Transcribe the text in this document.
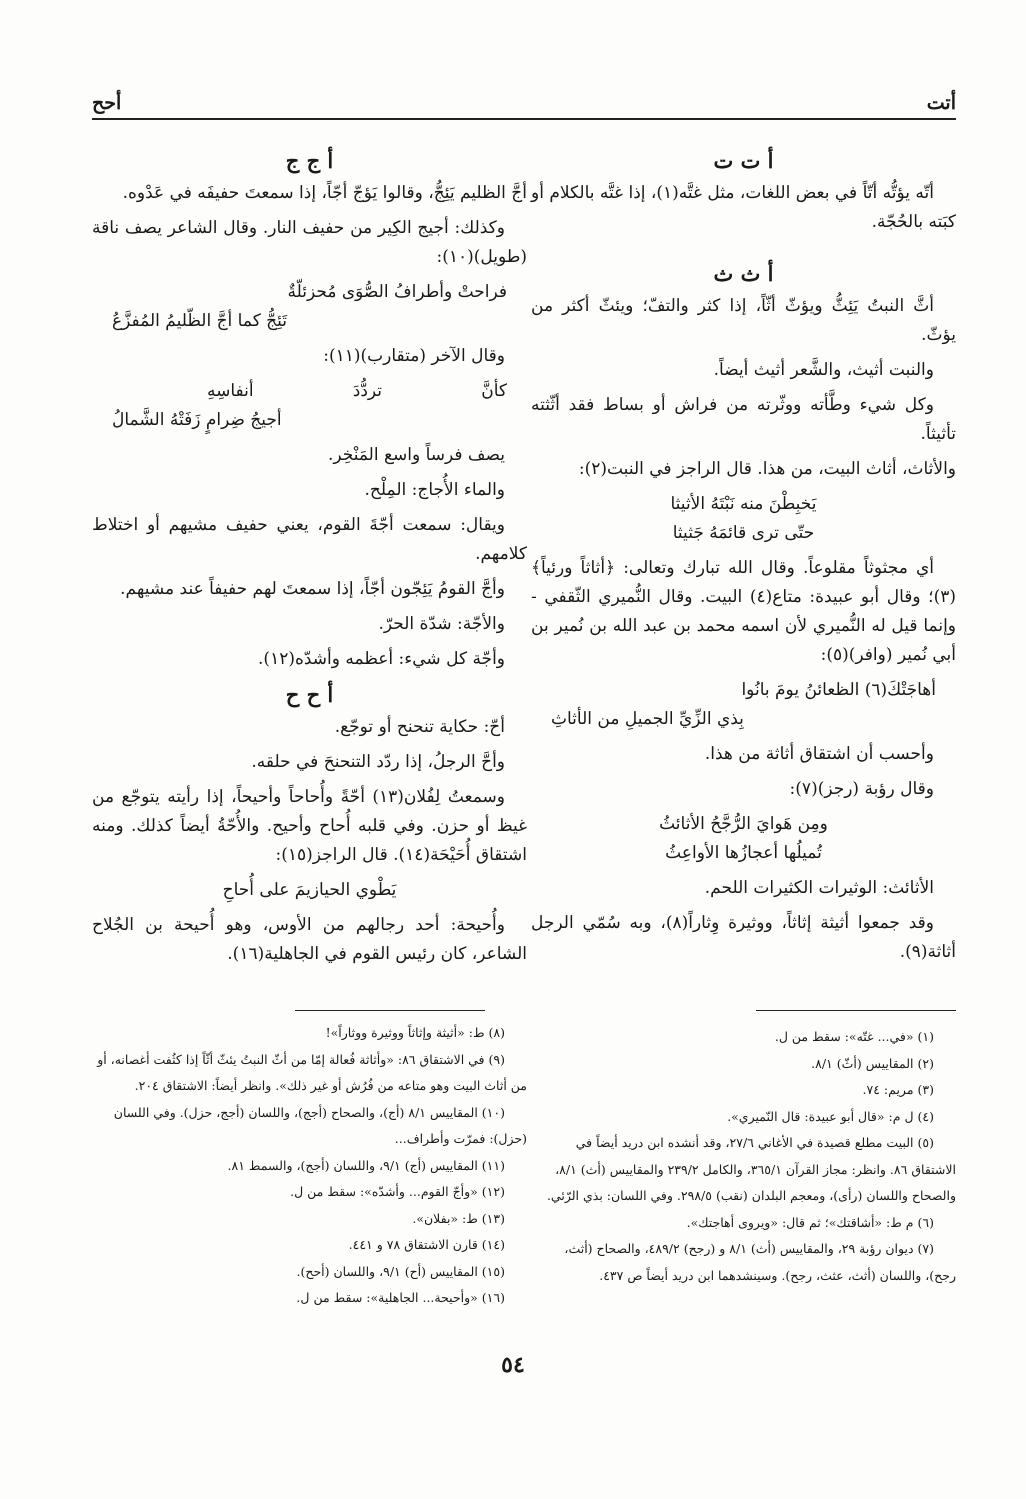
أتت
أحح
أ ت ت

أتّه يؤتُّه أتّاً في بعض اللغات، مثل غتَّه(١)، إذا غتَّه بالكلام أو كبَته بالحُجّة.

أ ث ث

أثَّ النبتُ يَئِثُّ ويؤثّ أثّاً، إذا كثر والتفّ؛ ويئثّ أكثر من يؤثّ.

والنبت أثيث، والشَّعر أثيث أيضاً.

وكل شيء وطَّأته ووثّرته من فراش أو بساط فقد أثّثته تأثيثاً.

والأثاث، أثاث البيت، من هذا. قال الراجز في النبت(٢):

يَخبِطْنَ منه نَبْتَهُ الأثيثا
حتّى ترى قائمَهُ جَثيثا

أي مجثوثاً مقلوعاً. وقال الله تبارك وتعالى: ﴿أثاثاً ورئياً﴾(٣)؛ وقال أبو عبيدة: متاع(٤) البيت. وقال النُّميري الثّقفي - وإنما قيل له النُّميري لأن اسمه محمد بن عبد الله بن نُمير بن أبي نُمير (وافر)(٥):

أهاجَتْكَ(٦) الظعائنُ يومَ بانُوا
بِذي الزِّيِّ الجميلِ من الأثاثِ

وأحسب أن اشتقاق أثاثة من هذا.

وقال رؤبة (رجز)(٧):

ومِن هَوايَ الرُّجَّحُ الأثائثُ
تُميلُها أعجازُها الأواعِثُ

الأثائث: الوثيرات الكثيرات اللحم.

وقد جمعوا أثيثة إثاثاً، ووثيرة وِثاراً(٨)، وبه سُمّي الرجل أثاثة(٩).

أ ج ج

أجَّ الظليم يَئِجُّ، وقالوا يَؤجّ أجّاً، إذا سمعتَ حفيفَه في عَدْوه.

وكذلك: أجيج الكِير من حفيف النار. وقال الشاعر يصف ناقة (طويل)(١٠):

فراحتْ وأطرافُ الصُّوَى مُحزئلّةٌ
تَئِجُّ كما أجَّ الظّليمُ المُفزَّعُ

وقال الآخر (متقارب)(١١):

كأنَّ
تردُّدَ
أنفاسِهِ
أجيجُ ضِرامٍ زَفَتْهُ الشَّمالُ

يصف فرساً واسع المَنْخِر.

والماء الأُجاج: المِلْح.

ويقال: سمعت أجّةَ القوم، يعني حفيف مشيهم أو اختلاط كلامهم.

وأجَّ القومُ يَئِجّون أجّاً، إذا سمعتَ لهم حفيفاً عند مشيهم.

والأجّة: شدّة الحرّ.

وأجّة كل شيء: أعظمه وأشدّه(١٢).

أ ح ح

أحّ: حكاية تنحنح أو توجّع.

وأحَّ الرجلُ، إذا ردّد التنحنحَ في حلقه.

وسمعتُ لِفُلان(١٣) أحّةً وأُحاحاً وأحيحاً، إذا رأيته يتوجّع من غيظ أو حزن. وفي قلبه أُحاح وأحيح. والأُحّةُ أيضاً كذلك. ومنه اشتقاق أُحَيْحَة(١٤). قال الراجز(١٥):

يَطْوي الحيازيمَ على أُحاحِ

وأُحيحة: أحد رجالهم من الأوس، وهو أُحيحة بن الجُلاح الشاعر، كان رئيس القوم في الجاهلية(١٦).

(١) «في... غتّه»: سقط من ل.

(٢) المقاييس (أثّ) ٨/١.

(٣) مريم: ٧٤.

(٤) ل م: «قال أبو عبيدة: قال النّميري».

(٥) البيت مطلع قصيدة في الأغاني ٢٧/٦، وقد أنشده ابن دريد أيضاً في الاشتقاق ٨٦. وانظر: مجاز القرآن ٣٦٥/١، والكامل ٢٣٩/٢ والمقاييس (أث) ٨/١، والصحاح واللسان (رأى)، ومعجم البلدان (نقب) ٢٩٨/٥. وفي اللسان: بذي الرّئي.

(٦) م ط: «أشاقتك»؛ ثم قال: «ويروى أهاجتك».

(٧) ديوان رؤبة ٢٩، والمقاييس (أث) ٨/١ و (رجح) ٤٨٩/٢، والصحاح (أثث، رجح)، واللسان (أثث، عثث، رجح). وسينشدهما ابن دريد أيضاً ص ٤٣٧.

(٨) ط: «أثيثة وإثاثاً ووثيرة ووثاراً»!

(٩) في الاشتقاق ٨٦: «وأثاثة فُعالة إمّا من أثّ النبتُ يئثّ أثّاً إذا كثُفت أغصانه، أو من أثاث البيت وهو متاعه من فُرُش أو غير ذلك». وانظر أيضاً: الاشتقاق ٢٠٤.

(١٠) المقاييس ٨/١ (أج)، والصحاح (أجج)، واللسان (أجج، حزل). وفي اللسان (حزل): فمرّت وأطراف...

(١١) المقاييس (أج) ٩/١، واللسان (أجج)، والسمط ٨١.

(١٢) «وأجّ القوم... وأشدّه»: سقط من ل.

(١٣) ط: «بفلان».

(١٤) قارن الاشتقاق ٧٨ و ٤٤١.

(١٥) المقاييس (أح) ٩/١، واللسان (أحح).

(١٦) «وأحيحة... الجاهلية»: سقط من ل.

٥٤
